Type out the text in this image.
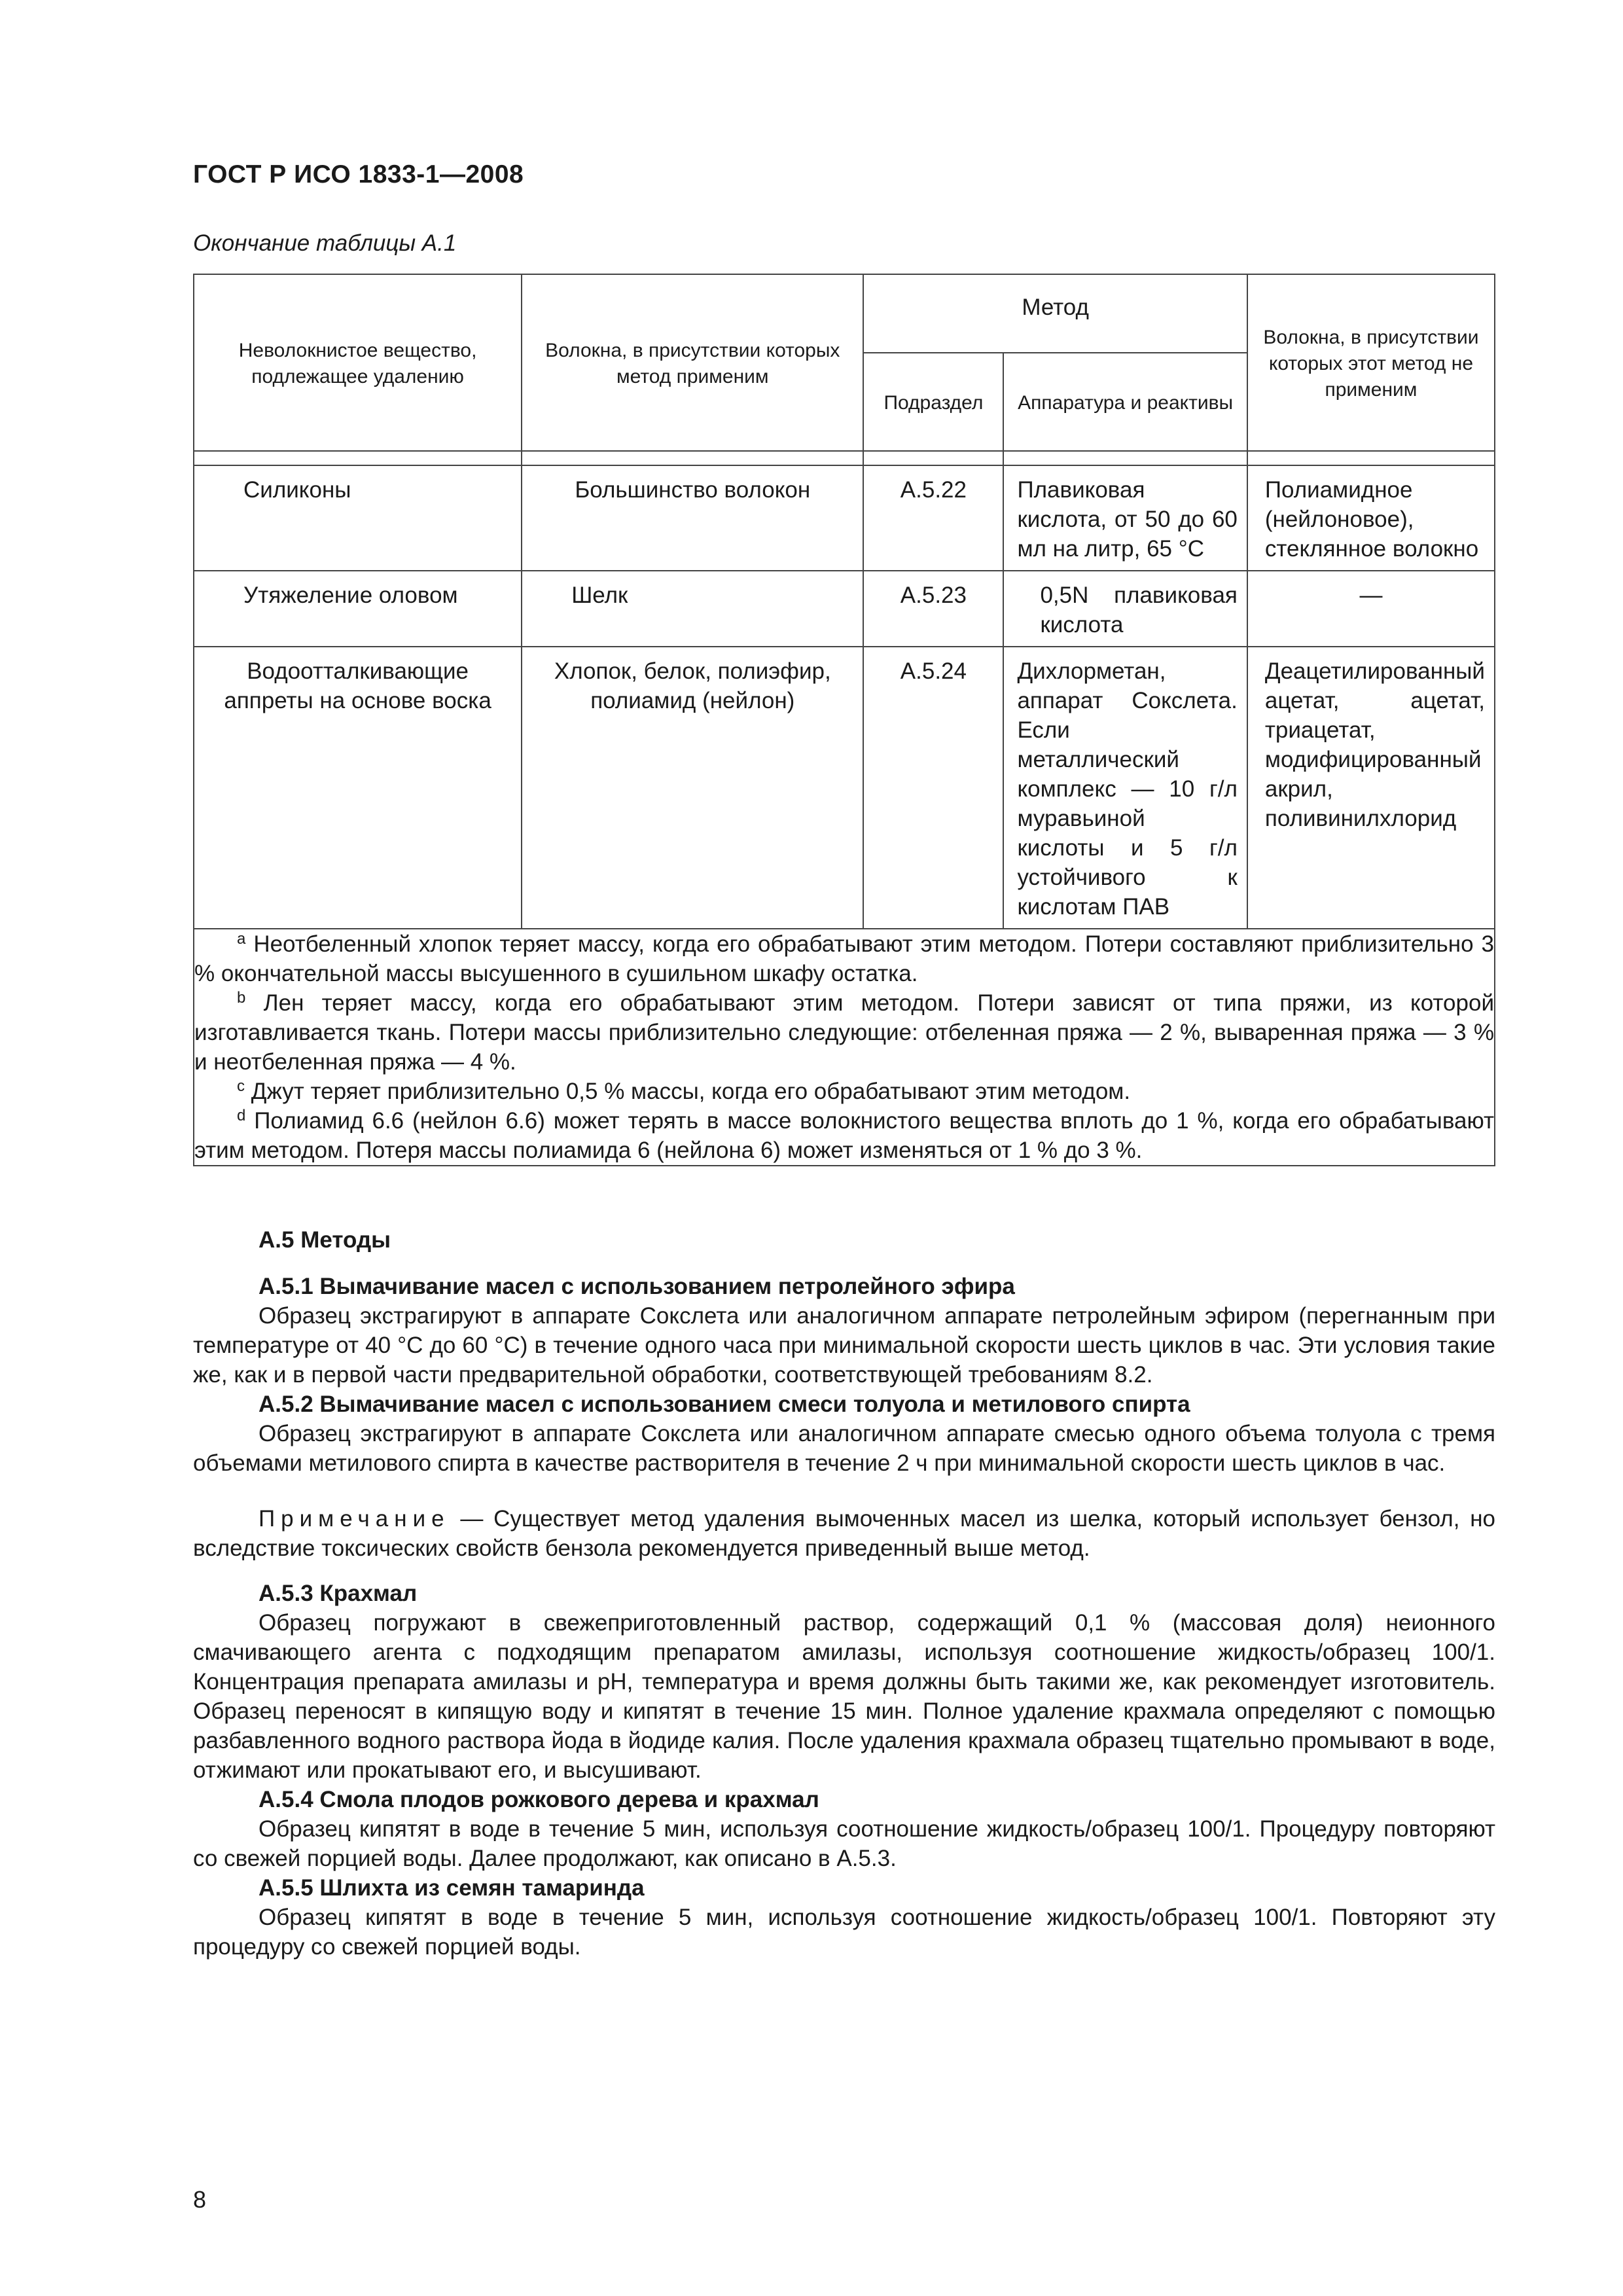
ГОСТ Р ИСО 1833-1—2008
Окончание таблицы А.1
Неволокнистое вещество, подлежащее удалению	Волокна, в присутствии которых метод применим	Метод		Волокна, в присутствии которых этот метод не применим

		Подраздел	Аппаратура и реактивы	

Силиконы	Большинство волокон	A.5.22	Плавиковая кислота, от 50 до 60 мл на литр, 65 °С	Полиамидное (нейлоновое), стеклянное волокно

Утяжеление оловом	Шелк	A.5.23	0,5N плавиковая кислота	—

Водоотталкивающие аппреты на основе воска	Хлопок, белок, полиэфир, полиамид (нейлон)	A.5.24	Дихлорметан, аппарат Сокслета. Если металлический комплекс — 10 г/л муравьиной кислоты и 5 г/л устойчивого к кислотам ПАВ	Деацетилированный ацетат, ацетат, триацетат, модифицированный акрил, поливинилхлорид

$^a$ Неотбеленный хлопок теряет массу, когда его обрабатывают этим методом. Потери составляют приблизительно 3 % окончательной массы высушенного в сушильном шкафу остатка.

$^b$ Лен теряет массу, когда его обрабатывают этим методом. Потери зависят от типа пряжи, из которой изготавливается ткань. Потери массы приблизительно следующие: отбеленная пряжа — 2 %, вываренная пряжа — 3 % и неотбеленная пряжа — 4 %.

$^c$ Джут теряет приблизительно 0,5 % массы, когда его обрабатывают этим методом.

$^d$ Полиамид 6.6 (нейлон 6.6) может терять в массе волокнистого вещества вплоть до 1 %, когда его обрабатывают этим методом. Потеря массы полиамида 6 (нейлона 6) может изменяться от 1 % до 3 %.				

А.5 Методы
А.5.1 Вымачивание масел с использованием петролейного эфира

Образец экстрагируют в аппарате Сокслета или аналогичном аппарате петролейным эфиром (перегнанным при температуре от 40 °С до 60 °С) в течение одного часа при минимальной скорости шесть циклов в час. Эти условия такие же, как и в первой части предварительной обработки, соответствующей требованиям 8.2.

А.5.2 Вымачивание масел с использованием смеси толуола и метилового спирта

Образец экстрагируют в аппарате Сокслета или аналогичном аппарате смесью одного объема толуола с тремя объемами метилового спирта в качестве растворителя в течение 2 ч при минимальной скорости шесть циклов в час.

Примечание — Существует метод удаления вымоченных масел из шелка, который использует бензол, но вследствие токсических свойств бензола рекомендуется приведенный выше метод.

А.5.3 Крахмал

Образец погружают в свежеприготовленный раствор, содержащий 0,1 % (массовая доля) неионного смачивающего агента с подходящим препаратом амилазы, используя соотношение жидкость/образец 100/1. Концентрация препарата амилазы и рН, температура и время должны быть такими же, как рекомендует изготовитель. Образец переносят в кипящую воду и кипятят в течение 15 мин. Полное удаление крахмала определяют с помощью разбавленного водного раствора йода в йодиде калия. После удаления крахмала образец тщательно промывают в воде, отжимают или прокатывают его, и высушивают.

А.5.4 Смола плодов рожкового дерева и крахмал

Образец кипятят в воде в течение 5 мин, используя соотношение жидкость/образец 100/1. Процедуру повторяют со свежей порцией воды. Далее продолжают, как описано в А.5.3.

А.5.5 Шлихта из семян тамаринда

Образец кипятят в воде в течение 5 мин, используя соотношение жидкость/образец 100/1. Повторяют эту процедуру со свежей порцией воды.

8
